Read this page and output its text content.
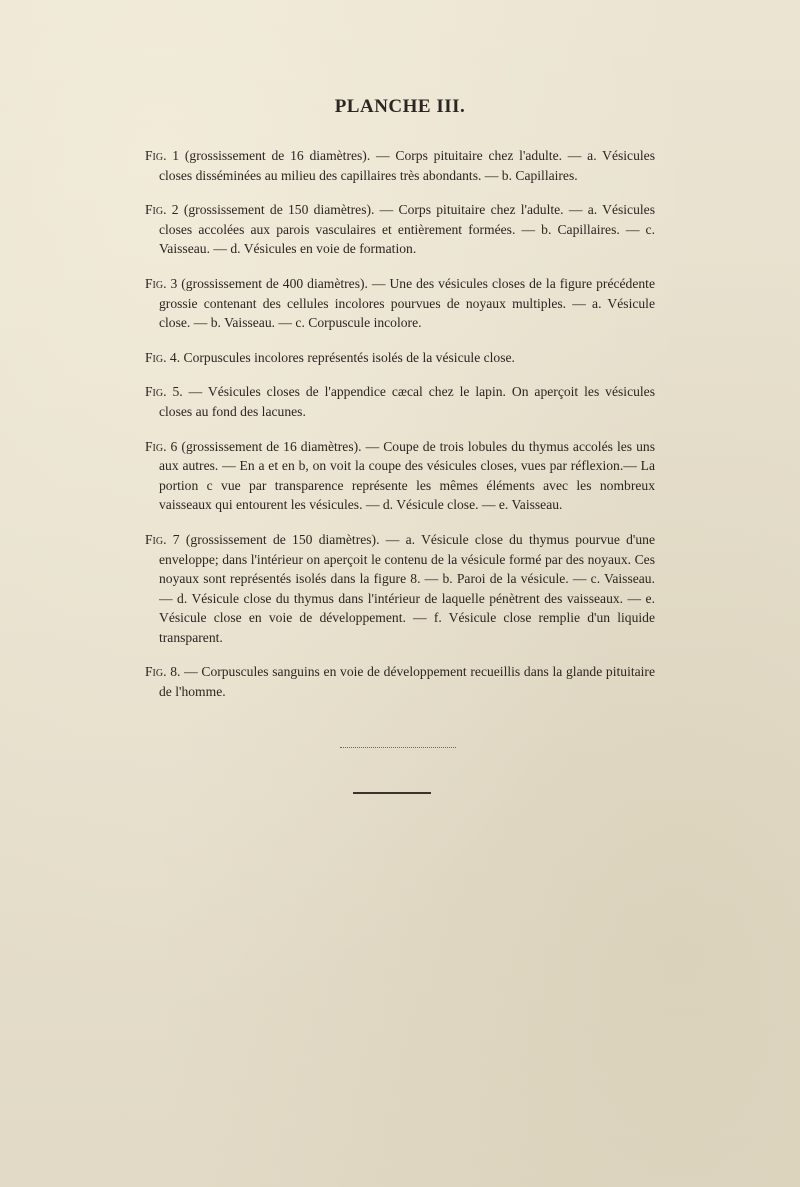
PLANCHE III.

Fig. 1 (grossissement de 16 diamètres). — Corps pituitaire chez l'adulte. — a. Vésicules closes disséminées au milieu des capillaires très abondants. — b. Capillaires.

Fig. 2 (grossissement de 150 diamètres). — Corps pituitaire chez l'adulte. — a. Vésicules closes accolées aux parois vasculaires et entièrement formées. — b. Capillaires. — c. Vaisseau. — d. Vésicules en voie de formation.

Fig. 3 (grossissement de 400 diamètres). — Une des vésicules closes de la figure précédente grossie contenant des cellules incolores pourvues de noyaux multiples. — a. Vésicule close. — b. Vaisseau. — c. Corpuscule incolore.

Fig. 4. Corpuscules incolores représentés isolés de la vésicule close.

Fig. 5. — Vésicules closes de l'appendice cæcal chez le lapin. On aperçoit les vésicules closes au fond des lacunes.

Fig. 6 (grossissement de 16 diamètres). — Coupe de trois lobules du thymus accolés les uns aux autres. — En a et en b, on voit la coupe des vésicules closes, vues par réflexion.— La portion c vue par transparence représente les mêmes éléments avec les nombreux vaisseaux qui entourent les vésicules. — d. Vésicule close. — e. Vaisseau.

Fig. 7 (grossissement de 150 diamètres). — a. Vésicule close du thymus pourvue d'une enveloppe; dans l'intérieur on aperçoit le contenu de la vésicule formé par des noyaux. Ces noyaux sont représentés isolés dans la figure 8. — b. Paroi de la vésicule. — c. Vaisseau. — d. Vésicule close du thymus dans l'intérieur de laquelle pénètrent des vaisseaux. — e. Vésicule close en voie de développement. — f. Vésicule close remplie d'un liquide transparent.

Fig. 8. — Corpuscules sanguins en voie de développement recueillis dans la glande pituitaire de l'homme.
